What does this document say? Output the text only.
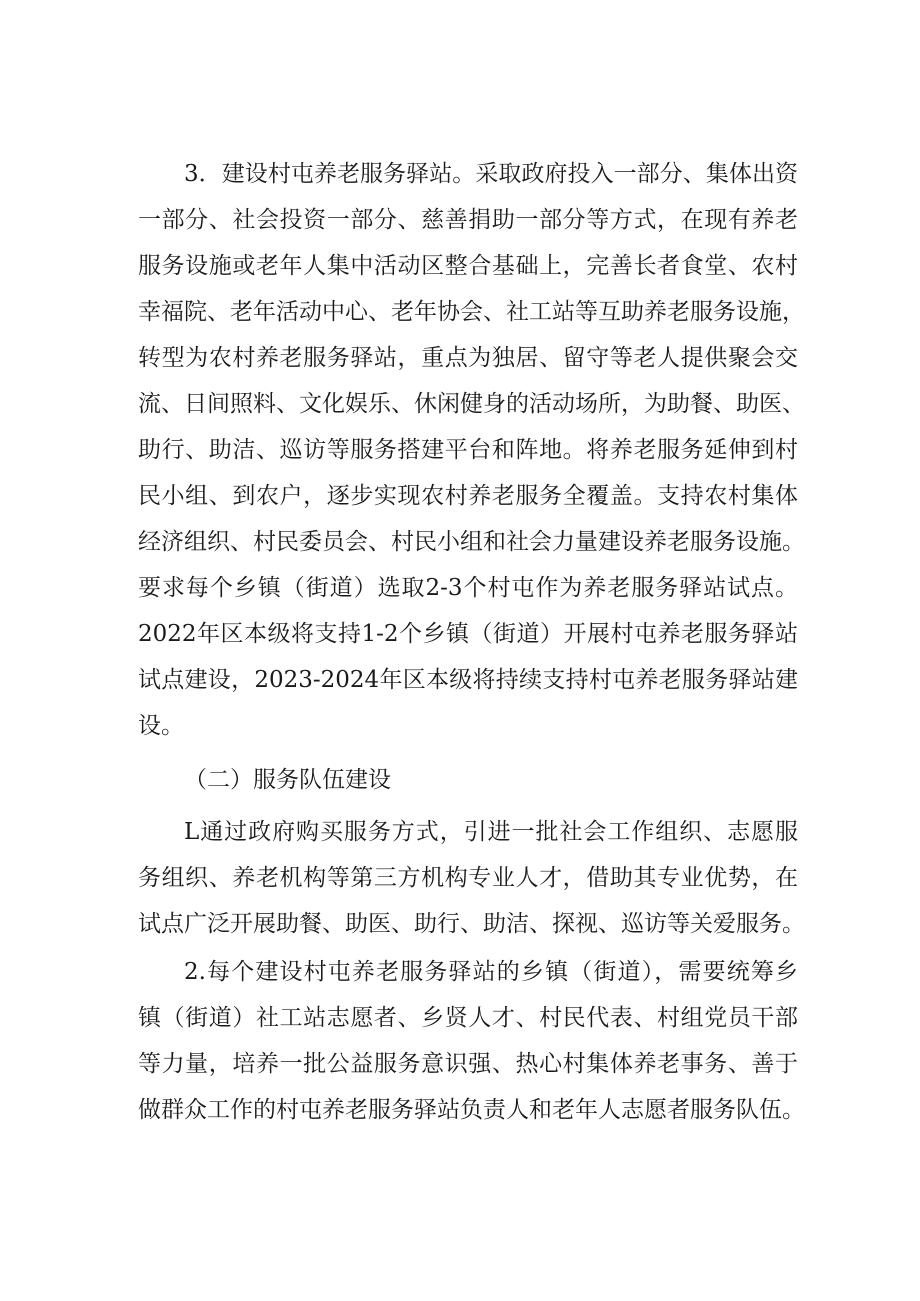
3．建设村屯养老服务驿站。采取政府投入一部分、集体出资
一部分、社会投资一部分、慈善捐助一部分等方式，在现有养老
服务设施或老年人集中活动区整合基础上，完善长者食堂、农村
幸福院、老年活动中心、老年协会、社工站等互助养老服务设施，
转型为农村养老服务驿站，重点为独居、留守等老人提供聚会交
流、日间照料、文化娱乐、休闲健身的活动场所，为助餐、助医、
助行、助洁、巡访等服务搭建平台和阵地。将养老服务延伸到村
民小组、到农户，逐步实现农村养老服务全覆盖。支持农村集体
经济组织、村民委员会、村民小组和社会力量建设养老服务设施。
要求每个乡镇（街道）选取2-3个村屯作为养老服务驿站试点。
2022年区本级将支持1-2个乡镇（街道）开展村屯养老服务驿站
试点建设，2023-2024年区本级将持续支持村屯养老服务驿站建
设。
（二）服务队伍建设
L通过政府购买服务方式，引进一批社会工作组织、志愿服
务组织、养老机构等第三方机构专业人才，借助其专业优势，在
试点广泛开展助餐、助医、助行、助洁、探视、巡访等关爱服务。
2.每个建设村屯养老服务驿站的乡镇（街道），需要统筹乡
镇（街道）社工站志愿者、乡贤人才、村民代表、村组党员干部
等力量，培养一批公益服务意识强、热心村集体养老事务、善于
做群众工作的村屯养老服务驿站负责人和老年人志愿者服务队伍。
